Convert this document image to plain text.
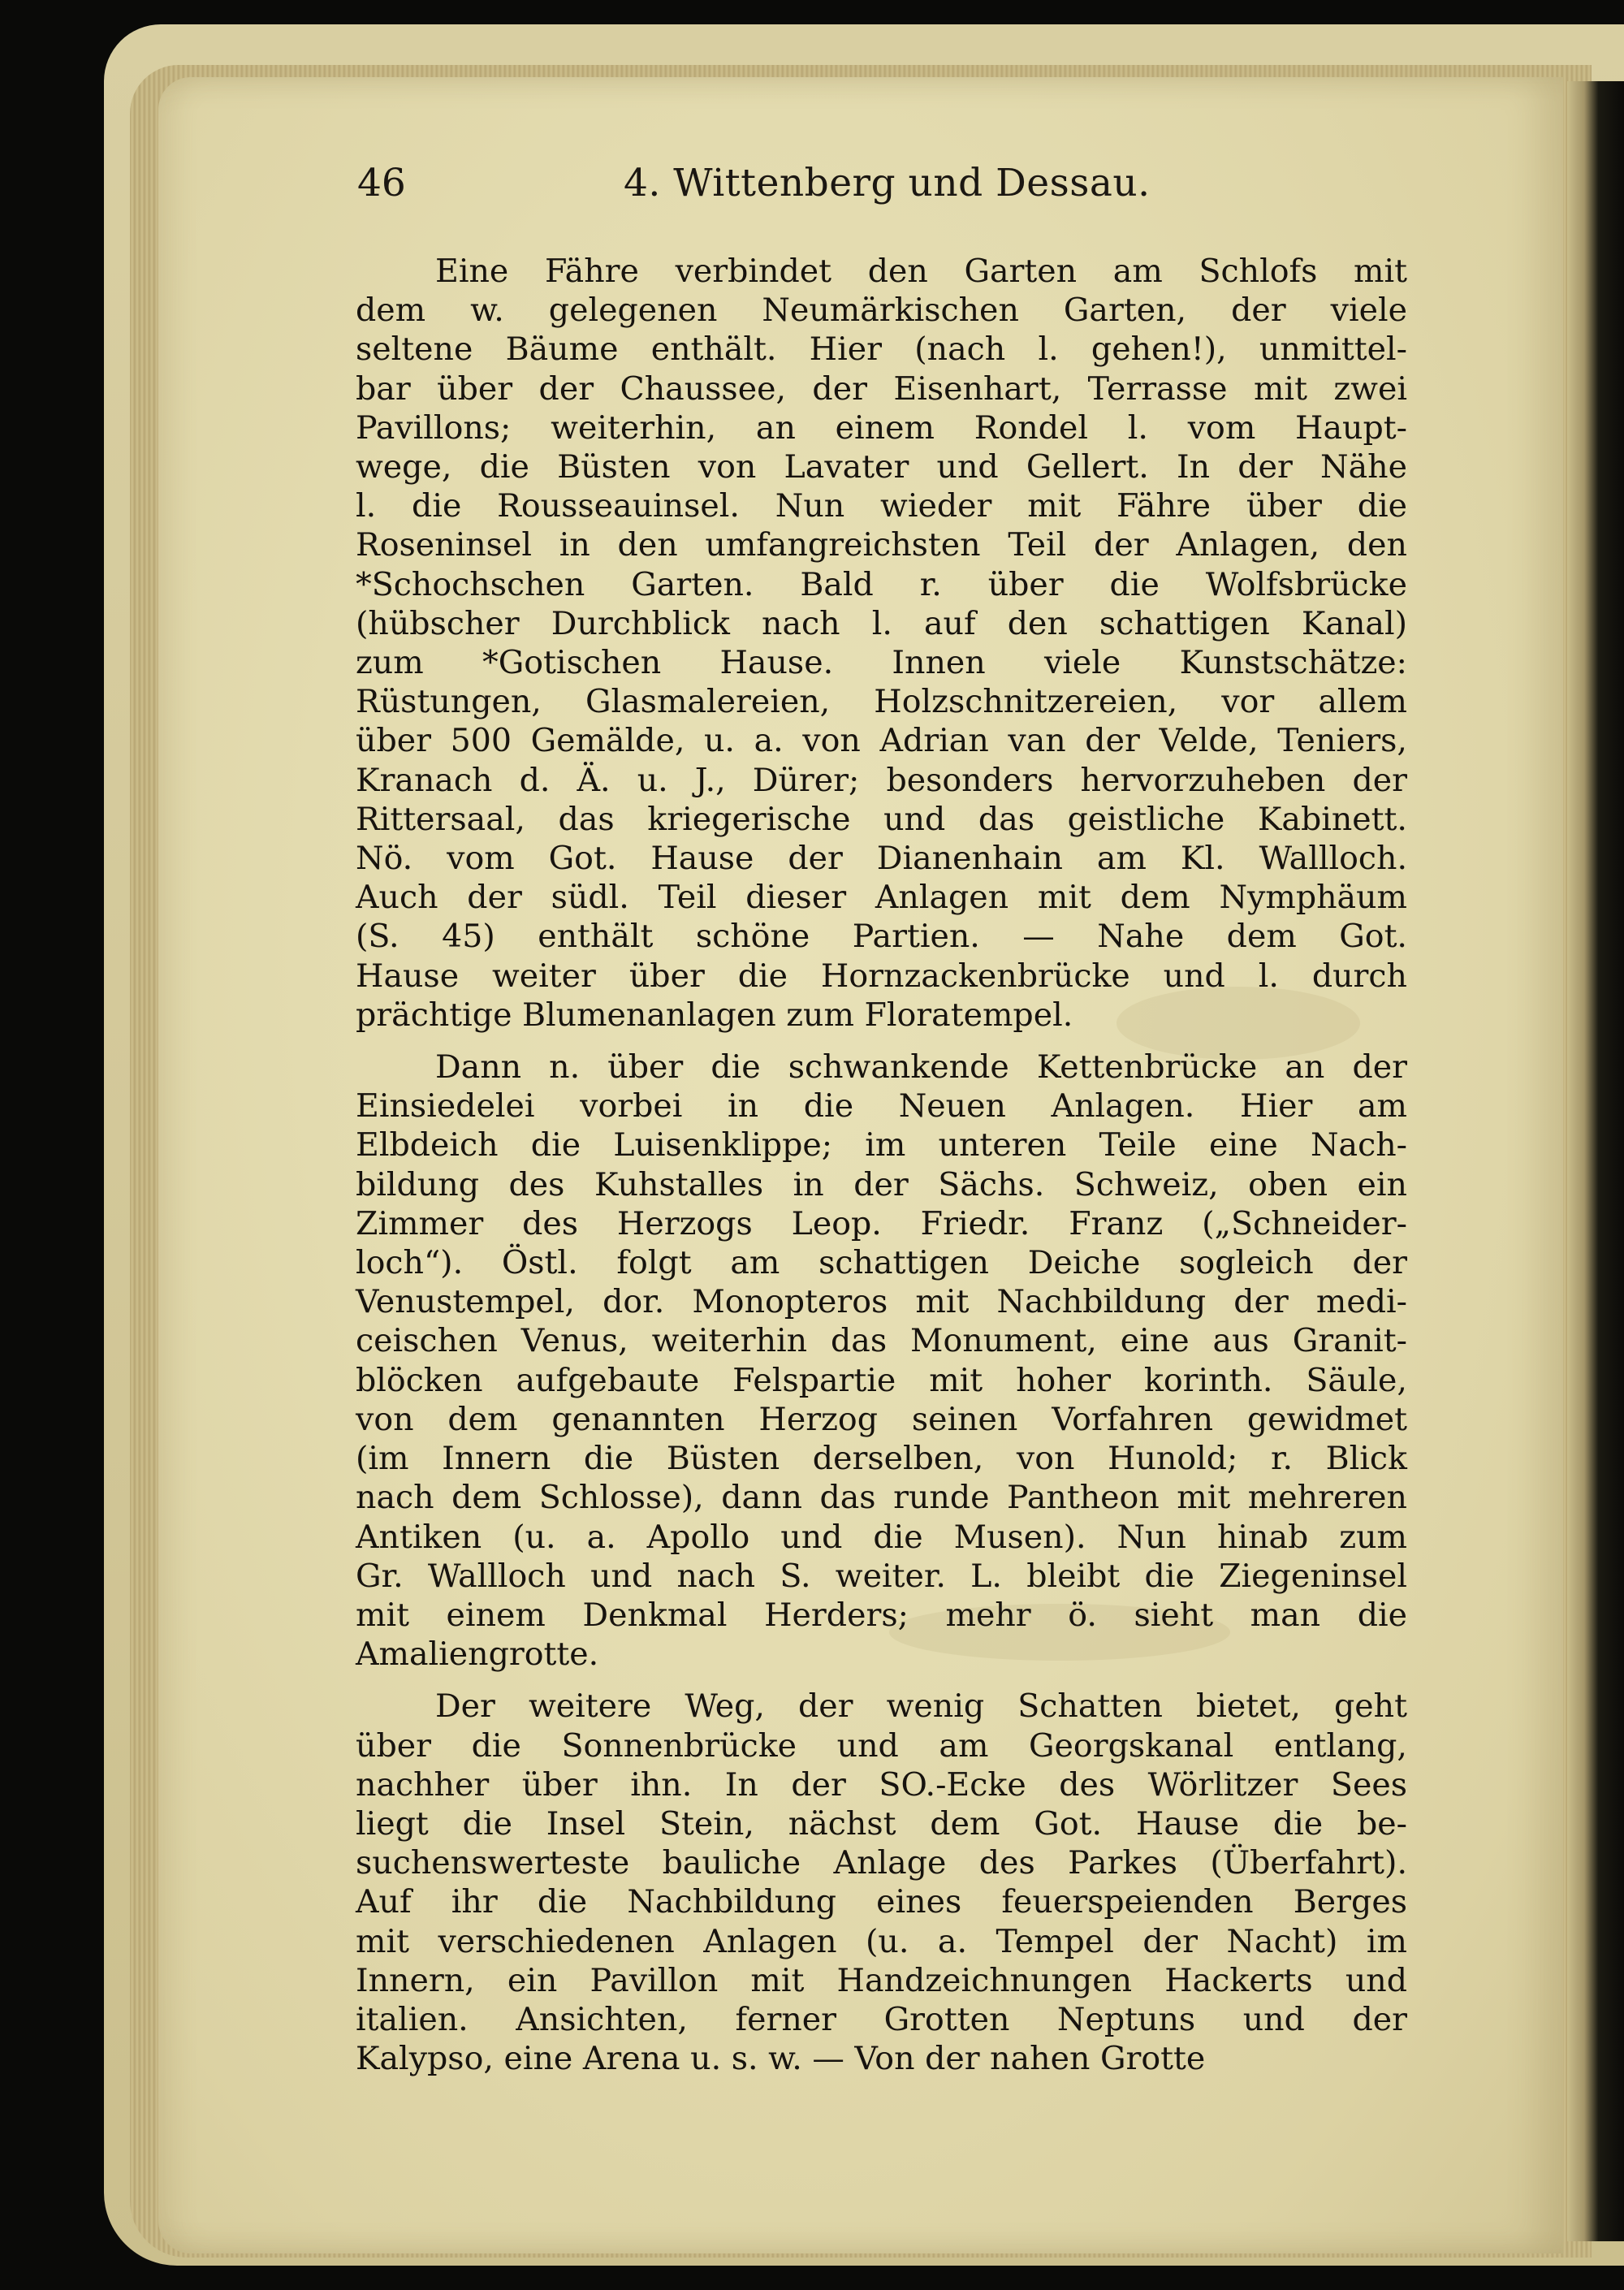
46	4. Wittenberg und Dessau.
Eine Fähre verbindet den Garten am Schlofs mit
dem w. gelegenen Neumärkischen Garten, der viele
seltene Bäume enthält. Hier (nach l. gehen!), unmittel-
bar über der Chaussee, der Eisenhart, Terrasse mit zwei
Pavillons; weiterhin, an einem Rondel l. vom Haupt-
wege, die Büsten von Lavater und Gellert. In der Nähe
l. die Rousseauinsel. Nun wieder mit Fähre über die
Roseninsel in den umfangreichsten Teil der Anlagen, den
*Schochschen Garten. Bald r. über die Wolfsbrücke
(hübscher Durchblick nach l. auf den schattigen Kanal)
zum *Gotischen Hause. Innen viele Kunstschätze:
Rüstungen, Glasmalereien, Holzschnitzereien, vor allem
über 500 Gemälde, u. a. von Adrian van der Velde, Teniers,
Kranach d. Ä. u. J., Dürer; besonders hervorzuheben der
Rittersaal, das kriegerische und das geistliche Kabinett.
Nö. vom Got. Hause der Dianenhain am Kl. Wallloch.
Auch der südl. Teil dieser Anlagen mit dem Nymphäum
(S. 45) enthält schöne Partien. — Nahe dem Got.
Hause weiter über die Hornzackenbrücke und l. durch
prächtige Blumenanlagen zum Floratempel.
Dann n. über die schwankende Kettenbrücke an der
Einsiedelei vorbei in die Neuen Anlagen. Hier am
Elbdeich die Luisenklippe; im unteren Teile eine Nach-
bildung des Kuhstalles in der Sächs. Schweiz, oben ein
Zimmer des Herzogs Leop. Friedr. Franz („Schneider-
loch“). Östl. folgt am schattigen Deiche sogleich der
Venustempel, dor. Monopteros mit Nachbildung der medi-
ceischen Venus, weiterhin das Monument, eine aus Granit-
blöcken aufgebaute Felspartie mit hoher korinth. Säule,
von dem genannten Herzog seinen Vorfahren gewidmet
(im Innern die Büsten derselben, von Hunold; r. Blick
nach dem Schlosse), dann das runde Pantheon mit mehreren
Antiken (u. a. Apollo und die Musen). Nun hinab zum
Gr. Wallloch und nach S. weiter. L. bleibt die Ziegeninsel
mit einem Denkmal Herders; mehr ö. sieht man die
Amaliengrotte.
Der weitere Weg, der wenig Schatten bietet, geht
über die Sonnenbrücke und am Georgskanal entlang,
nachher über ihn. In der SO.-Ecke des Wörlitzer Sees
liegt die Insel Stein, nächst dem Got. Hause die be-
suchenswerteste bauliche Anlage des Parkes (Überfahrt).
Auf ihr die Nachbildung eines feuerspeienden Berges
mit verschiedenen Anlagen (u. a. Tempel der Nacht) im
Innern, ein Pavillon mit Handzeichnungen Hackerts und
italien. Ansichten, ferner Grotten Neptuns und der
Kalypso, eine Arena u. s. w. — Von der nahen Grotte
